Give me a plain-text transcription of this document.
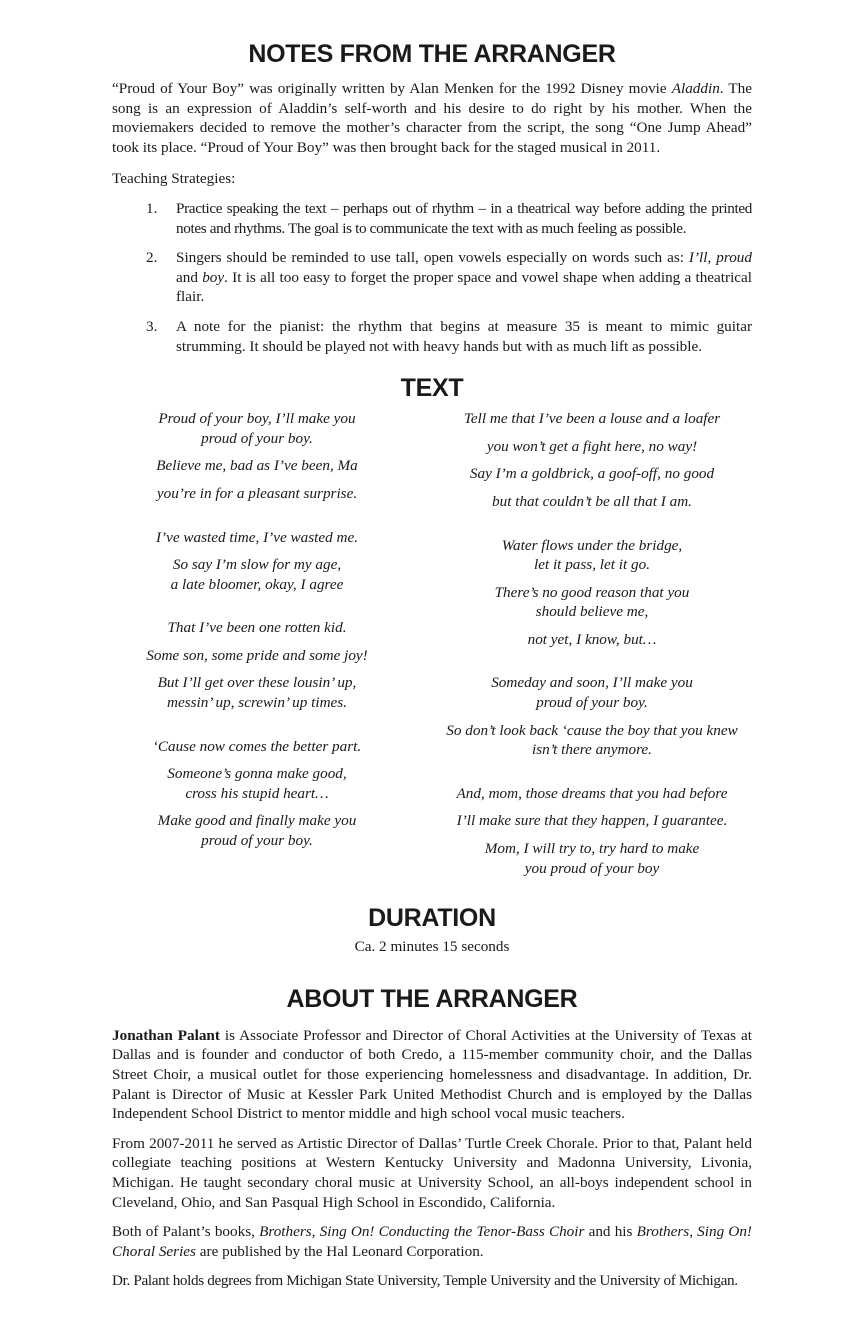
NOTES FROM THE ARRANGER

“Proud of Your Boy” was originally written by Alan Menken for the 1992 Disney movie Aladdin. The song is an expression of Aladdin’s self-worth and his desire to do right by his mother. When the moviemakers decided to remove the mother’s character from the script, the song “One Jump Ahead” took its place. “Proud of Your Boy” was then brought back for the staged musical in 2011.

Teaching Strategies:

1. Practice speaking the text – perhaps out of rhythm – in a theatrical way before adding the printed notes and rhythms. The goal is to communicate the text with as much feeling as possible.
2. Singers should be reminded to use tall, open vowels especially on words such as: I’ll, proud and boy. It is all too easy to forget the proper space and vowel shape when adding a theatrical flair.
3. A note for the pianist: the rhythm that begins at measure 35 is meant to mimic guitar strumming. It should be played not with heavy hands but with as much lift as possible.
TEXT
Proud of your boy, I’ll make you
proud of your boy.
Believe me, bad as I’ve been, Ma
you’re in for a pleasant surprise.
I’ve wasted time, I’ve wasted me.
So say I’m slow for my age,
a late bloomer, okay, I agree
That I’ve been one rotten kid.
Some son, some pride and some joy!
But I’ll get over these lousin’ up,
messin’ up, screwin’ up times.
‘Cause now comes the better part.
Someone’s gonna make good,
cross his stupid heart…
Make good and finally make you
proud of your boy.
Tell me that I’ve been a louse and a loafer
you won’t get a fight here, no way!
Say I’m a goldbrick, a goof-off, no good
but that couldn’t be all that I am.
Water flows under the bridge,
let it pass, let it go.
There’s no good reason that you
should believe me,
not yet, I know, but…
Someday and soon, I’ll make you
proud of your boy.
So don’t look back ‘cause the boy that you knew
isn’t there anymore.
And, mom, those dreams that you had before
I’ll make sure that they happen, I guarantee.
Mom, I will try to, try hard to make
you proud of your boy
DURATION

Ca. 2 minutes 15 seconds

ABOUT THE ARRANGER

Jonathan Palant is Associate Professor and Director of Choral Activities at the University of Texas at Dallas and is founder and conductor of both Credo, a 115-member community choir, and the Dallas Street Choir, a musical outlet for those experiencing homelessness and disadvantage. In addition, Dr. Palant is Director of Music at Kessler Park United Methodist Church and is employed by the Dallas Independent School District to mentor middle and high school vocal music teachers.

From 2007-2011 he served as Artistic Director of Dallas’ Turtle Creek Chorale. Prior to that, Palant held collegiate teaching positions at Western Kentucky University and Madonna University, Livonia, Michigan. He taught secondary choral music at University School, an all-boys independent school in Cleveland, Ohio, and San Pasqual High School in Escondido, California.

Both of Palant’s books, Brothers, Sing On! Conducting the Tenor-Bass Choir and his Brothers, Sing On! Choral Series are published by the Hal Leonard Corporation.

Dr. Palant holds degrees from Michigan State University, Temple University and the University of Michigan.
